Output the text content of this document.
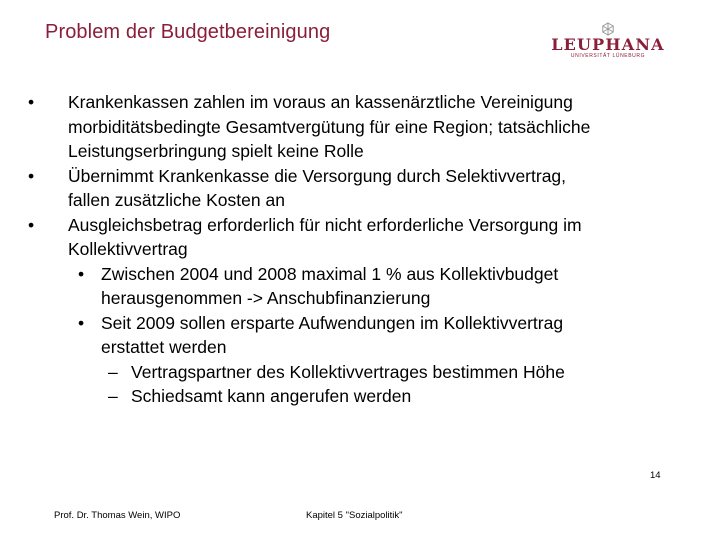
Problem der Budgetbereinigung
LEUPHANA
UNIVERSITÄT LÜNEBURG
• Krankenkassen zahlen im voraus an kassenärztliche Vereinigung
morbiditätsbedingte Gesamtvergütung für eine Region; tatsächliche
Leistungserbringung spielt keine Rolle
• Übernimmt Krankenkasse die Versorgung durch Selektivvertrag,
fallen zusätzliche Kosten an
• Ausgleichsbetrag erforderlich für nicht erforderliche Versorgung im
Kollektivvertrag
• Zwischen 2004 und 2008 maximal 1 % aus Kollektivbudget
herausgenommen -> Anschubfinanzierung
• Seit 2009 sollen ersparte Aufwendungen im Kollektivvertrag
erstattet werden
– Vertragspartner des Kollektivvertrages bestimmen Höhe
– Schiedsamt kann angerufen werden
Prof. Dr. Thomas Wein, WIPO	Kapitel 5 "Sozialpolitik"
14
